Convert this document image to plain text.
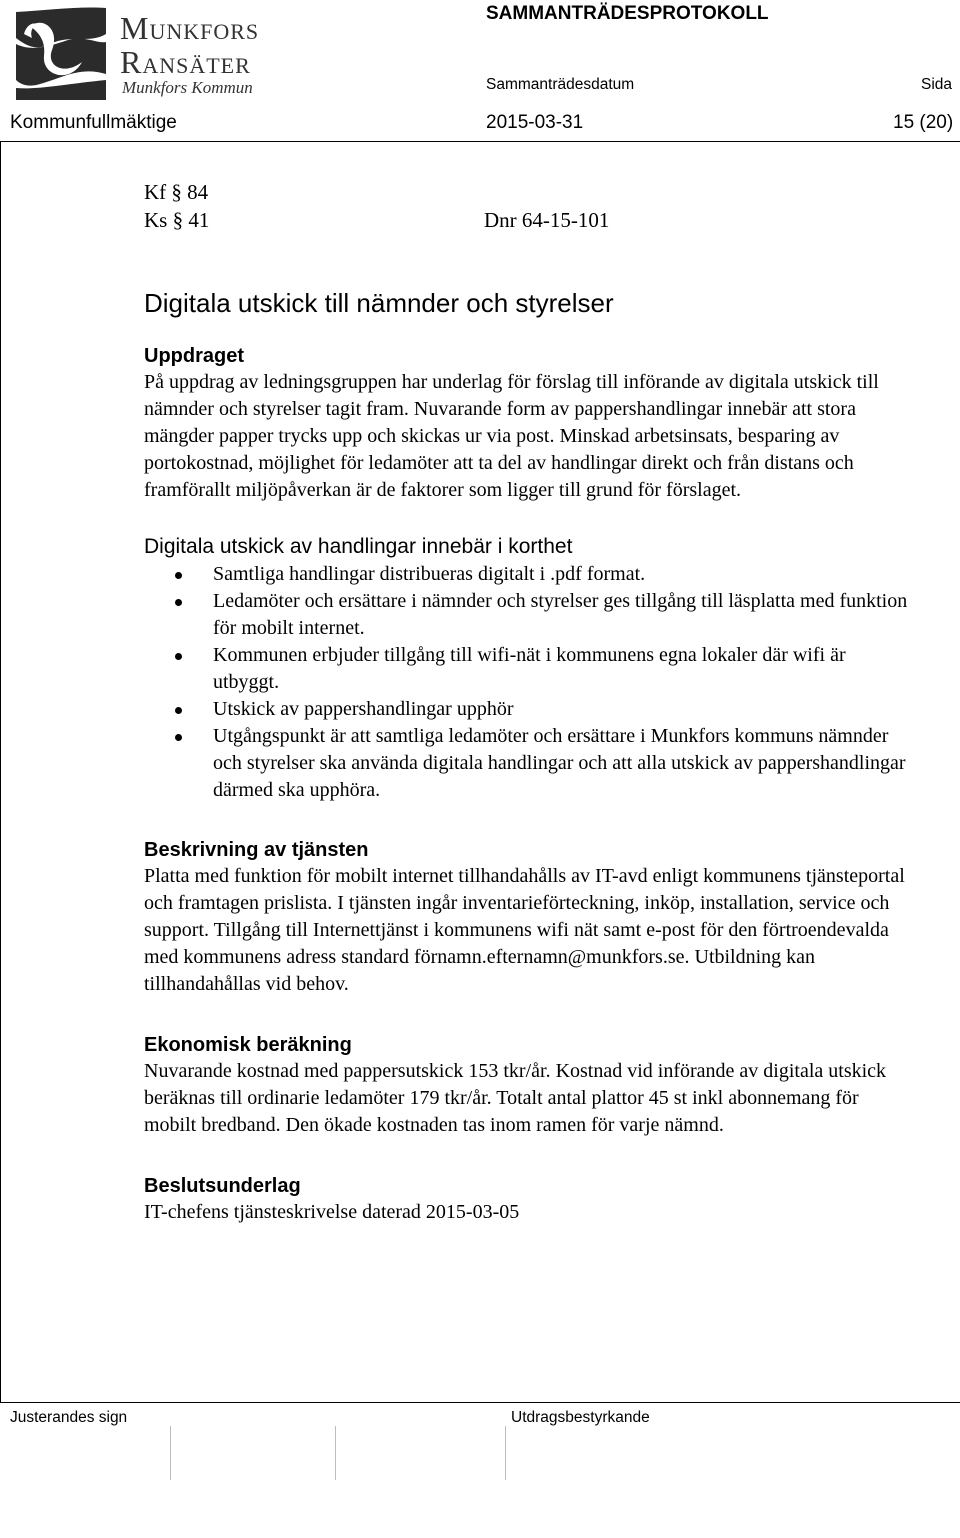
Munkfors
Ransäter
Munkfors Kommun
SAMMANTRÄDESPROTOKOLL
Sammanträdesdatum	Sida
Kommunfullmäktige	2015-03-31	15 (20)
Kf § 84
Ks § 41	Dnr 64-15-101
Digitala utskick till nämnder och styrelser
Uppdraget

På uppdrag av ledningsgruppen har underlag för förslag till införande av digitala utskick till nämnder och styrelser tagit fram. Nuvarande form av pappershandlingar innebär att stora mängder papper trycks upp och skickas ur via post. Minskad arbetsinsats, besparing av portokostnad, möjlighet för ledamöter att ta del av handlingar direkt och från distans och framförallt miljöpåverkan är de faktorer som ligger till grund för förslaget.

Digitala utskick av handlingar innebär i korthet
Samtliga handlingar distribueras digitalt i .pdf format.
Ledamöter och ersättare i nämnder och styrelser ges tillgång till läsplatta med funktion för mobilt internet.
Kommunen erbjuder tillgång till wifi-nät i kommunens egna lokaler där wifi är utbyggt.
Utskick av pappershandlingar upphör
Utgångspunkt är att samtliga ledamöter och ersättare i Munkfors kommuns nämnder och styrelser ska använda digitala handlingar och att alla utskick av pappershandlingar därmed ska upphöra.
Beskrivning av tjänsten

Platta med funktion för mobilt internet tillhandahålls av IT-avd enligt kommunens tjänsteportal och framtagen prislista. I tjänsten ingår inventarieförteckning, inköp, installation, service och support. Tillgång till Internettjänst i kommunens wifi nät samt e-post för den förtroendevalda med kommunens adress standard förnamn.efternamn@munkfors.se. Utbildning kan tillhandahållas vid behov.

Ekonomisk beräkning

Nuvarande kostnad med pappersutskick 153 tkr/år. Kostnad vid införande av digitala utskick beräknas till ordinarie ledamöter 179 tkr/år. Totalt antal plattor 45 st inkl abonnemang för mobilt bredband. Den ökade kostnaden tas inom ramen för varje nämnd.

Beslutsunderlag

IT-chefens tjänsteskrivelse daterad 2015-03-05

Justerandes sign	Utdragsbestyrkande
